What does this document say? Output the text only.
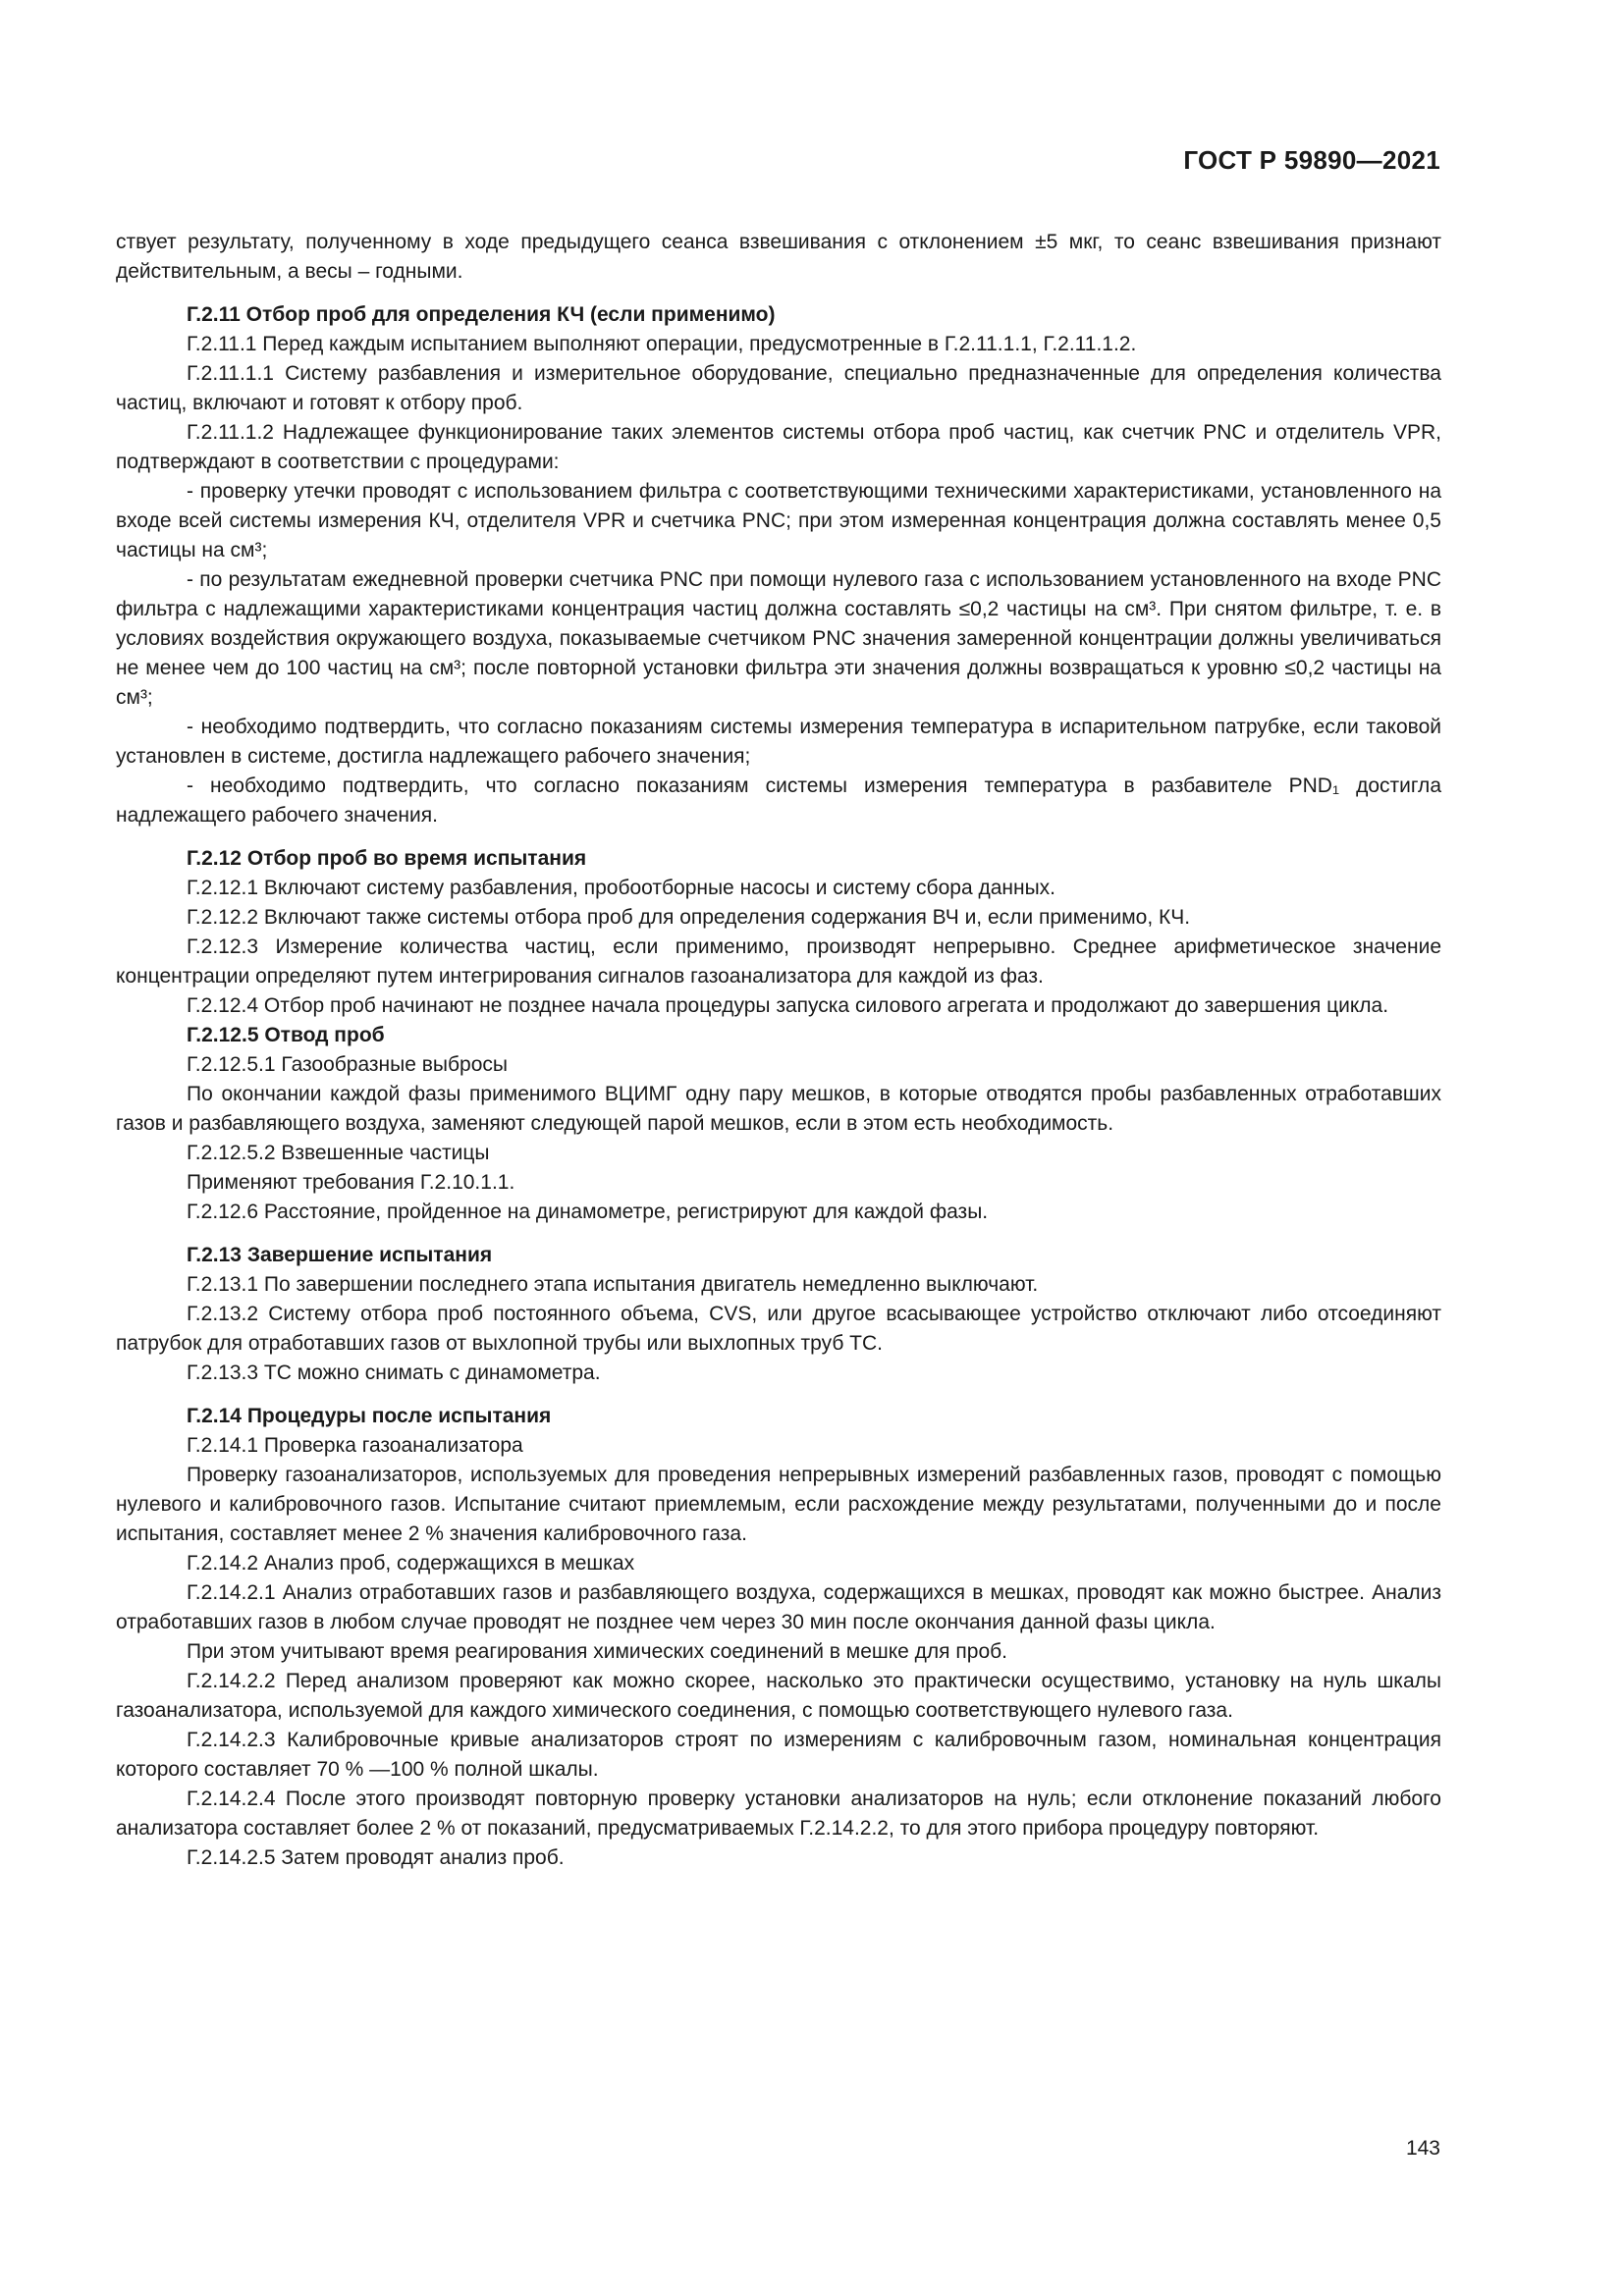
ГОСТ Р 59890—2021

ствует результату, полученному в ходе предыдущего сеанса взвешивания с отклонением ±5 мкг, то сеанс взвешивания признают действительным, а весы – годными.

Г.2.11 Отбор проб для определения КЧ (если применимо)

Г.2.11.1 Перед каждым испытанием выполняют операции, предусмотренные в Г.2.11.1.1, Г.2.11.1.2.

Г.2.11.1.1 Систему разбавления и измерительное оборудование, специально предназначенные для определения количества частиц, включают и готовят к отбору проб.

Г.2.11.1.2 Надлежащее функционирование таких элементов системы отбора проб частиц, как счетчик PNC и отделитель VPR, подтверждают в соответствии с процедурами:

- проверку утечки проводят с использованием фильтра с соответствующими техническими характеристиками, установленного на входе всей системы измерения КЧ, отделителя VPR и счетчика PNC; при этом измеренная концентрация должна составлять менее 0,5 частицы на см³;

- по результатам ежедневной проверки счетчика PNC при помощи нулевого газа с использованием установленного на входе PNC фильтра с надлежащими характеристиками концентрация частиц должна составлять ≤0,2 частицы на см³. При снятом фильтре, т. е. в условиях воздействия окружающего воздуха, показываемые счетчиком PNC значения замеренной концентрации должны увеличиваться не менее чем до 100 частиц на см³; после повторной установки фильтра эти значения должны возвращаться к уровню ≤0,2 частицы на см³;

- необходимо подтвердить, что согласно показаниям системы измерения температура в испарительном патрубке, если таковой установлен в системе, достигла надлежащего рабочего значения;

- необходимо подтвердить, что согласно показаниям системы измерения температура в разбавителе PND₁ достигла надлежащего рабочего значения.

Г.2.12 Отбор проб во время испытания

Г.2.12.1 Включают систему разбавления, пробоотборные насосы и систему сбора данных.

Г.2.12.2 Включают также системы отбора проб для определения содержания ВЧ и, если применимо, КЧ.

Г.2.12.3 Измерение количества частиц, если применимо, производят непрерывно. Среднее арифметическое значение концентрации определяют путем интегрирования сигналов газоанализатора для каждой из фаз.

Г.2.12.4 Отбор проб начинают не позднее начала процедуры запуска силового агрегата и продолжают до завершения цикла.

Г.2.12.5 Отвод проб

Г.2.12.5.1 Газообразные выбросы

По окончании каждой фазы применимого ВЦИМГ одну пару мешков, в которые отводятся пробы разбавленных отработавших газов и разбавляющего воздуха, заменяют следующей парой мешков, если в этом есть необходимость.

Г.2.12.5.2 Взвешенные частицы

Применяют требования Г.2.10.1.1.

Г.2.12.6 Расстояние, пройденное на динамометре, регистрируют для каждой фазы.

Г.2.13 Завершение испытания

Г.2.13.1 По завершении последнего этапа испытания двигатель немедленно выключают.

Г.2.13.2 Систему отбора проб постоянного объема, CVS, или другое всасывающее устройство отключают либо отсоединяют патрубок для отработавших газов от выхлопной трубы или выхлопных труб ТС.

Г.2.13.3 ТС можно снимать с динамометра.

Г.2.14 Процедуры после испытания

Г.2.14.1 Проверка газоанализатора

Проверку газоанализаторов, используемых для проведения непрерывных измерений разбавленных газов, проводят с помощью нулевого и калибровочного газов. Испытание считают приемлемым, если расхождение между результатами, полученными до и после испытания, составляет менее 2 % значения калибровочного газа.

Г.2.14.2 Анализ проб, содержащихся в мешках

Г.2.14.2.1 Анализ отработавших газов и разбавляющего воздуха, содержащихся в мешках, проводят как можно быстрее. Анализ отработавших газов в любом случае проводят не позднее чем через 30 мин после окончания данной фазы цикла.

При этом учитывают время реагирования химических соединений в мешке для проб.

Г.2.14.2.2 Перед анализом проверяют как можно скорее, насколько это практически осуществимо, установку на нуль шкалы газоанализатора, используемой для каждого химического соединения, с помощью соответствующего нулевого газа.

Г.2.14.2.3 Калибровочные кривые анализаторов строят по измерениям с калибровочным газом, номинальная концентрация которого составляет 70 % —100 % полной шкалы.

Г.2.14.2.4 После этого производят повторную проверку установки анализаторов на нуль; если отклонение показаний любого анализатора составляет более 2 % от показаний, предусматриваемых Г.2.14.2.2, то для этого прибора процедуру повторяют.

Г.2.14.2.5 Затем проводят анализ проб.

143
